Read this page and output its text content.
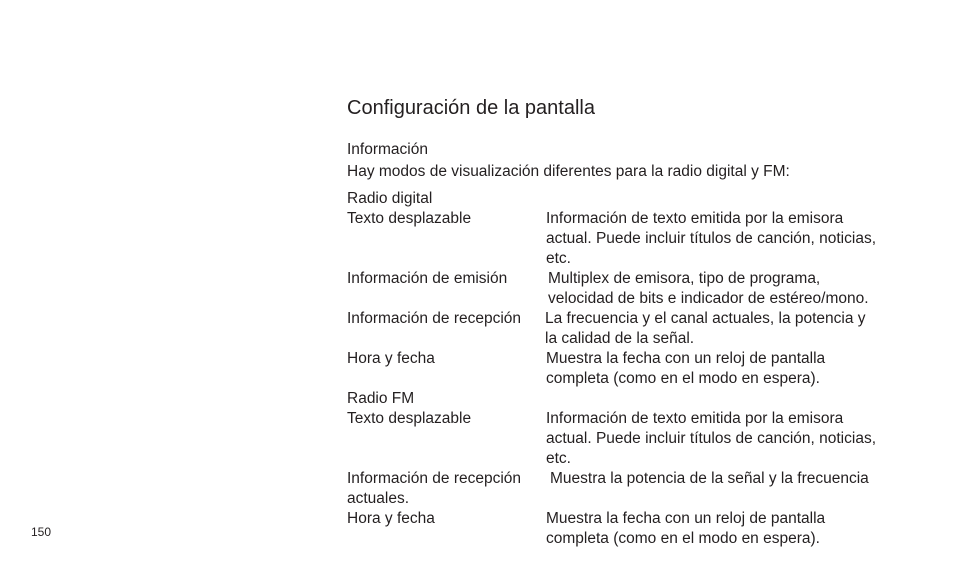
Configuración de la pantalla
Información
Hay modos de visualización diferentes para la radio digital y FM:
Radio digital
Texto desplazable	Información de texto emitida por la emisora
actual. Puede incluir títulos de canción, noticias,
etc.
Información de emisión	Multiplex de emisora, tipo de programa,
velocidad de bits e indicador de estéreo/mono.
Información de recepción La frecuencia y el canal actuales, la potencia y
la calidad de la señal.
Hora y fecha	Muestra la fecha con un reloj de pantalla
completa (como en el modo en espera).
Radio FM
Texto desplazable	Información de texto emitida por la emisora
actual. Puede incluir títulos de canción, noticias,
etc.
Información de recepción Muestra la potencia de la señal y la frecuencia
actuales.
Hora y fecha	Muestra la fecha con un reloj de pantalla
completa (como en el modo en espera).
150
